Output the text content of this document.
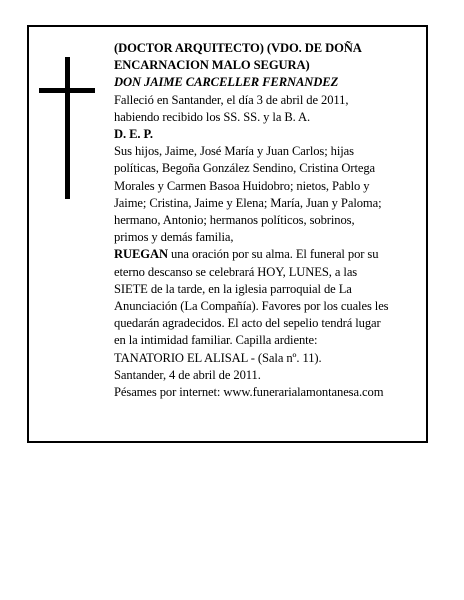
(DOCTOR ARQUITECTO) (VDO. DE DOÑA

ENCARNACION MALO SEGURA)

DON JAIME CARCELLER FERNANDEZ

Falleció en Santander, el día 3 de abril de 2011,

habiendo recibido los SS. SS. y la B. A.

D. E. P.

Sus hijos, Jaime, José María y Juan Carlos; hijas

políticas, Begoña González Sendino, Cristina Ortega

Morales y Carmen Basoa Huidobro; nietos, Pablo y

Jaime; Cristina, Jaime y Elena; María, Juan y Paloma;

hermano, Antonio; hermanos políticos, sobrinos,

primos y demás familia,

RUEGAN una oración por su alma. El funeral por su

eterno descanso se celebrará HOY, LUNES, a las

SIETE de la tarde, en la iglesia parroquial de La

Anunciación (La Compañía). Favores por los cuales les

quedarán agradecidos. El acto del sepelio tendrá lugar

en la intimidad familiar. Capilla ardiente:

TANATORIO EL ALISAL - (Sala nº. 11).

Santander, 4 de abril de 2011.

Pésames por internet: www.funerarialamontanesa.com
